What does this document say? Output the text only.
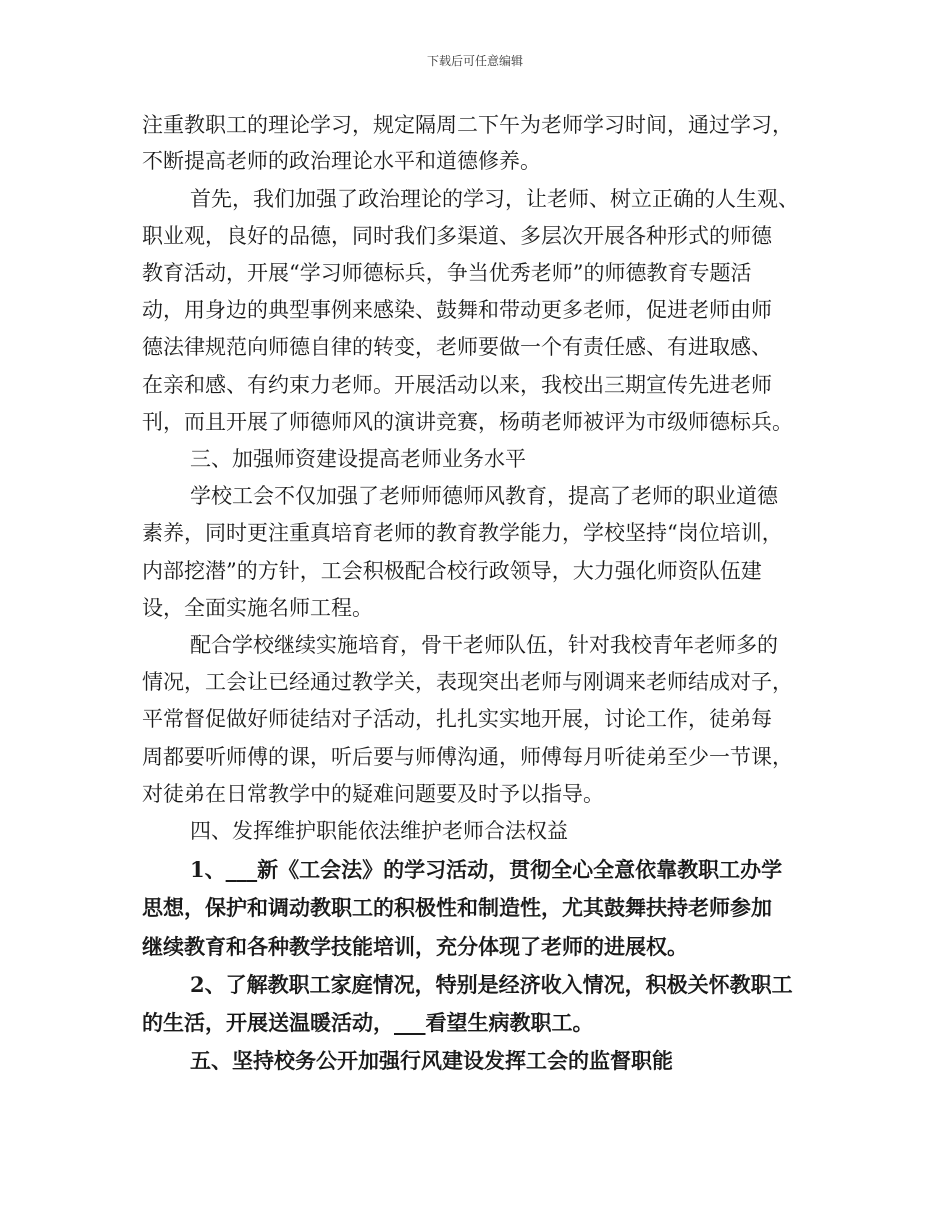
下载后可任意编辑
注重教职工的理论学习，规定隔周二下午为老师学习时间，通过学习，
不断提高老师的政治理论水平和道德修养。
首先，我们加强了政治理论的学习，让老师、树立正确的人生观、
职业观，良好的品德，同时我们多渠道、多层次开展各种形式的师德
教育活动，开展“学习师德标兵，争当优秀老师”的师德教育专题活
动，用身边的典型事例来感染、鼓舞和带动更多老师，促进老师由师
德法律规范向师德自律的转变，老师要做一个有责任感、有进取感、
在亲和感、有约束力老师。开展活动以来，我校出三期宣传先进老师
刊，而且开展了师德师风的演讲竞赛，杨萌老师被评为市级师德标兵。
三、加强师资建设提高老师业务水平
学校工会不仅加强了老师师德师风教育，提高了老师的职业道德
素养，同时更注重真培育老师的教育教学能力，学校坚持“岗位培训，
内部挖潜”的方针，工会积极配合校行政领导，大力强化师资队伍建
设，全面实施名师工程。
配合学校继续实施培育，骨干老师队伍，针对我校青年老师多的
情况，工会让已经通过教学关，表现突出老师与刚调来老师结成对子，
平常督促做好师徒结对子活动，扎扎实实地开展，讨论工作，徒弟每
周都要听师傅的课，听后要与师傅沟通，师傅每月听徒弟至少一节课，
对徒弟在日常教学中的疑难问题要及时予以指导。
四、发挥维护职能依法维护老师合法权益
1、___新《工会法》的学习活动，贯彻全心全意依靠教职工办学
思想，保护和调动教职工的积极性和制造性，尤其鼓舞扶持老师参加
继续教育和各种教学技能培训，充分体现了老师的进展权。
2、了解教职工家庭情况，特别是经济收入情况，积极关怀教职工
的生活，开展送温暖活动，___看望生病教职工。
五、坚持校务公开加强行风建设发挥工会的监督职能
